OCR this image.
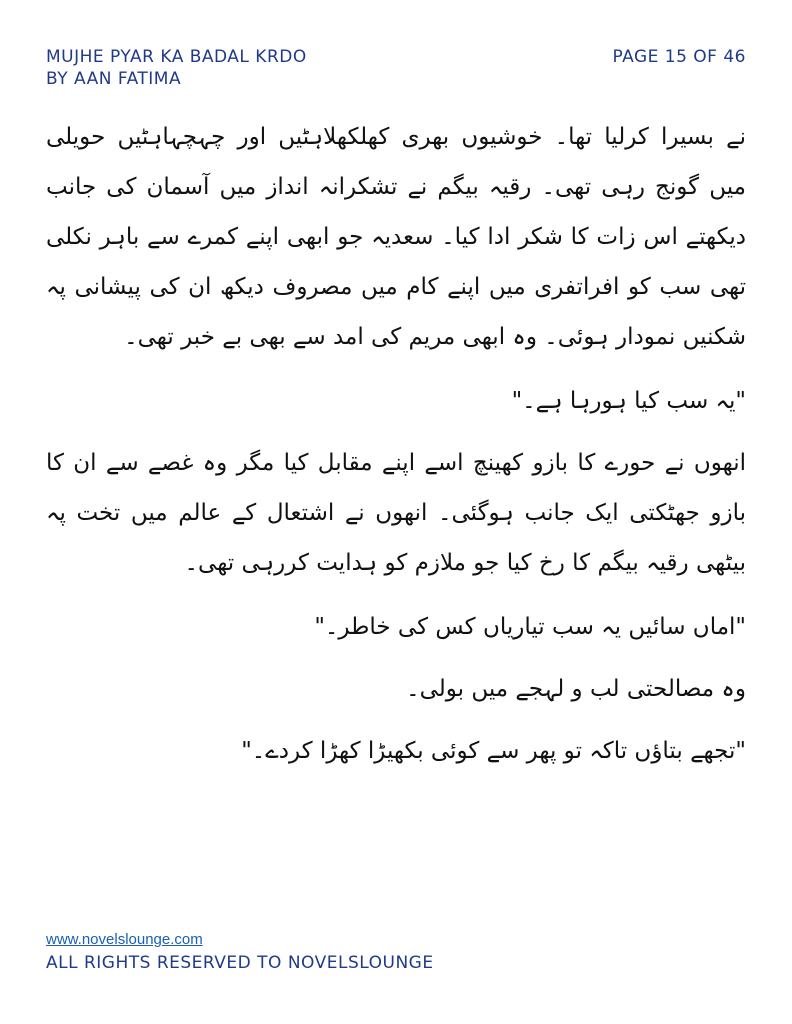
MUJHE PYAR KA BADAL KRDO
BY AAN FATIMA
PAGE 15 OF 46

نے بسیرا کرلیا تھا۔ خوشیوں بھری کھلکھلاہٹیں اور چہچہاہٹیں حویلی میں گونج رہی تھی۔ رقیہ بیگم نے تشکرانہ انداز میں آسمان کی جانب دیکھتے اس زات کا شکر ادا کیا۔ سعدیہ جو ابھی اپنے کمرے سے باہر نکلی تھی سب کو افراتفری میں اپنے کام میں مصروف دیکھ ان کی پیشانی پہ شکنیں نمودار ہوئی۔ وہ ابھی مریم کی امد سے بھی بے خبر تھی۔

"یہ سب کیا ہورہا ہے۔"

انھوں نے حورے کا بازو کھینچ اسے اپنے مقابل کیا مگر وہ غصے سے ان کا بازو جھٹکتی ایک جانب ہوگئی۔ انھوں نے اشتعال کے عالم میں تخت پہ بیٹھی رقیہ بیگم کا رخ کیا جو ملازم کو ہدایت کررہی تھی۔

"اماں سائیں یہ سب تیاریاں کس کی خاطر۔"

وہ مصالحتی لب و لہجے میں بولی۔

"تجھے بتاؤں تاکہ تو پھر سے کوئی بکھیڑا کھڑا کردے۔"

www.novelslounge.com
ALL RIGHTS RESERVED TO NOVELSLOUNGE
